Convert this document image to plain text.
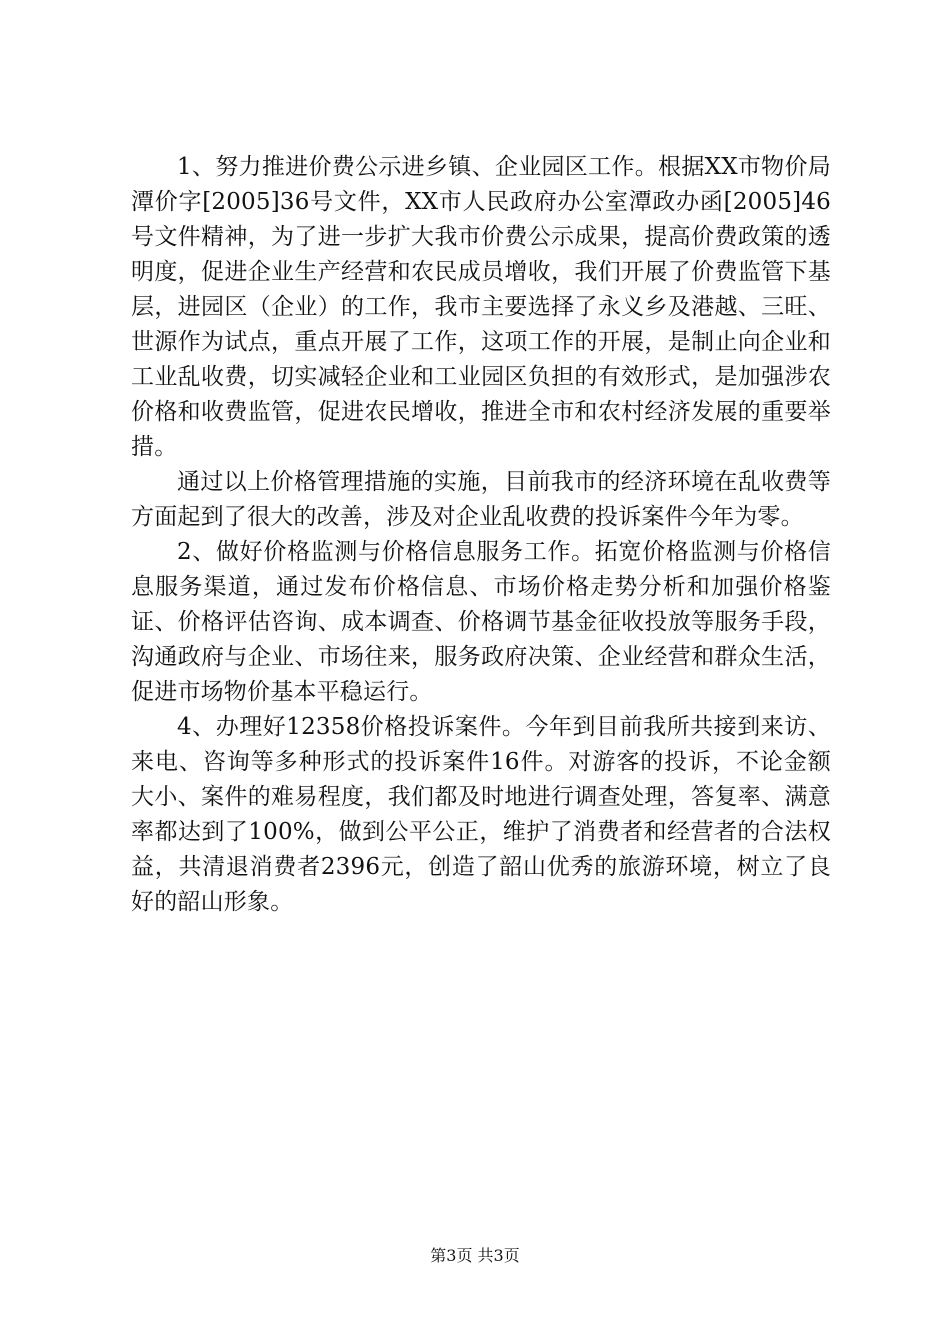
1、努力推进价费公示进乡镇、企业园区工作。根据XX市物价局潭价字[2005]36号文件，XX市人民政府办公室潭政办函[2005]46号文件精神，为了进一步扩大我市价费公示成果，提高价费政策的透明度，促进企业生产经营和农民成员增收，我们开展了价费监管下基层，进园区（企业）的工作，我市主要选择了永义乡及港越、三旺、世源作为试点，重点开展了工作，这项工作的开展，是制止向企业和工业乱收费，切实减轻企业和工业园区负担的有效形式，是加强涉农价格和收费监管，促进农民增收，推进全市和农村经济发展的重要举措。

通过以上价格管理措施的实施，目前我市的经济环境在乱收费等方面起到了很大的改善，涉及对企业乱收费的投诉案件今年为零。

2、做好价格监测与价格信息服务工作。拓宽价格监测与价格信息服务渠道，通过发布价格信息、市场价格走势分析和加强价格鉴证、价格评估咨询、成本调查、价格调节基金征收投放等服务手段，沟通政府与企业、市场往来，服务政府决策、企业经营和群众生活，促进市场物价基本平稳运行。

4、办理好12358价格投诉案件。今年到目前我所共接到来访、来电、咨询等多种形式的投诉案件16件。对游客的投诉，不论金额大小、案件的难易程度，我们都及时地进行调查处理，答复率、满意率都达到了100%，做到公平公正，维护了消费者和经营者的合法权益，共清退消费者2396元，创造了韶山优秀的旅游环境，树立了良好的韶山形象。

第3页 共3页
